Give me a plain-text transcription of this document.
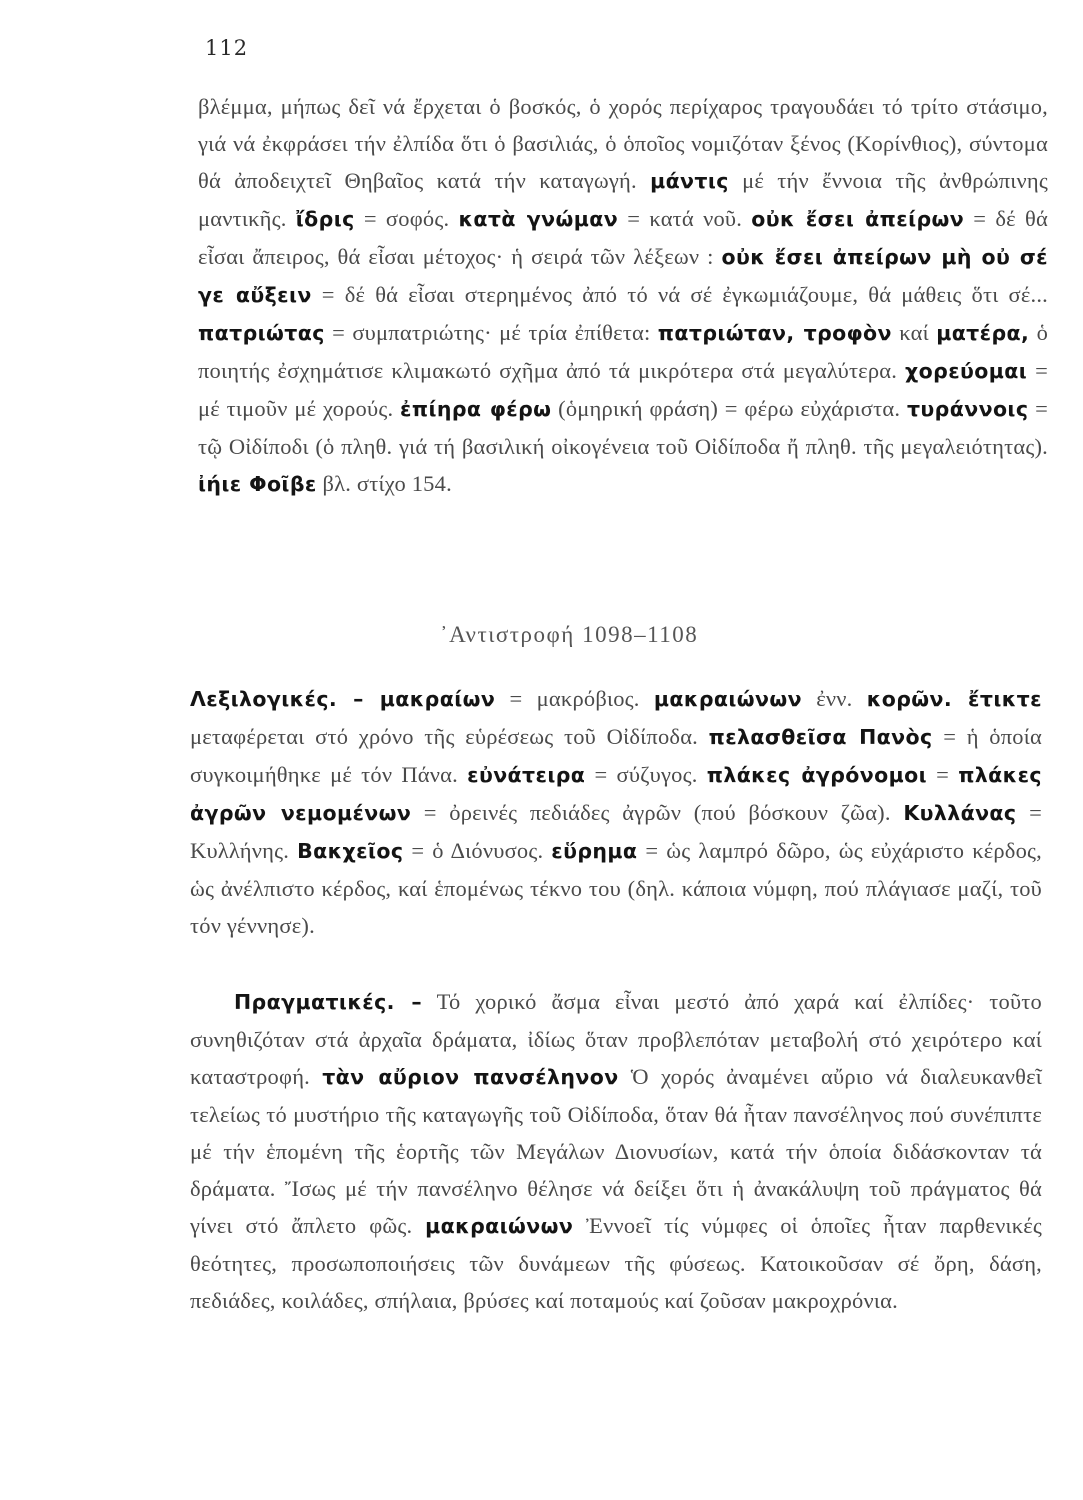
112

βλέμμα, μήπως δεῖ νά ἔρχεται ὁ βοσκός, ὁ χορός περίχαρος τραγουδάει τό τρίτο στάσιμο, γιά νά ἐκφράσει τήν ἐλπίδα ὅτι ὁ βασιλιάς, ὁ ὁποῖος νομιζόταν ξένος (Κορίνθιος), σύντομα θά ἀποδειχτεῖ Θηβαῖος κατά τήν καταγωγή. μάντις μέ τήν ἔννοια τῆς ἀνθρώπινης μαντικῆς. ἴδρις = σοφός. κατὰ γνώμαν = κατά νοῦ. οὐκ ἔσει ἀπείρων = δέ θά εἶσαι ἄπειρος, θά εἶσαι μέτοχος· ἡ σειρά τῶν λέξεων : οὐκ ἔσει ἀπείρων μὴ οὐ σέ γε αὔξειν = δέ θά εἶσαι στερημένος ἀπό τό νά σέ ἐγκωμιάζουμε, θά μάθεις ὅτι σέ... πατριώτας = συμπατριώτης· μέ τρία ἐπίθετα: πατριώταν, τροφὸν καί ματέρα, ὁ ποιητής ἐσχημάτισε κλιμακωτό σχῆμα ἀπό τά μικρότερα στά μεγαλύτερα. χορεύομαι = μέ τιμοῦν μέ χορούς. ἐπίηρα φέρω (ὁμηρική φράση) = φέρω εὐχάριστα. τυράννοις = τῷ Οἰδίποδι (ὁ πληθ. γιά τή βασιλική οἰκογένεια τοῦ Οἰδίποδα ἤ πληθ. τῆς μεγαλειότητας). ἰήιε Φοῖβε βλ. στίχο 154.

᾿Αντιστροφή 1098–1108

Λεξιλογικές. – μακραίων = μακρόβιος. μακραιώνων ἐνν. κορῶν. ἔτικτε μεταφέρεται στό χρόνο τῆς εὑρέσεως τοῦ Οἰδίποδα. πελασθεῖσα Πανὸς = ἡ ὁποία συγκοιμήθηκε μέ τόν Πάνα. εὐνάτειρα = σύζυγος. πλάκες ἀγρόνομοι = πλάκες ἀγρῶν νεμομένων = ὀρεινές πεδιάδες ἀγρῶν (πού βόσκουν ζῶα). Κυλλάνας = Κυλλήνης. Βακχεῖος = ὁ Διόνυσος. εὕρημα = ὡς λαμπρό δῶρο, ὡς εὐχάριστο κέρδος, ὡς ἀνέλπιστο κέρδος, καί ἑπομένως τέκνο του (δηλ. κάποια νύμφη, πού πλάγιασε μαζί, τοῦ τόν γέννησε).

Πραγματικές. – Τό χορικό ἄσμα εἶναι μεστό ἀπό χαρά καί ἐλπίδες· τοῦτο συνηθιζόταν στά ἀρχαῖα δράματα, ἰδίως ὅταν προβλεπόταν μεταβολή στό χειρότερο καί καταστροφή. τὰν αὔριον πανσέληνον Ὁ χορός ἀναμένει αὔριο νά διαλευκανθεῖ τελείως τό μυστήριο τῆς καταγωγῆς τοῦ Οἰδίποδα, ὅταν θά ἦταν πανσέληνος πού συνέπιπτε μέ τήν ἑπομένη τῆς ἑορτῆς τῶν Μεγάλων Διονυσίων, κατά τήν ὁποία διδάσκονταν τά δράματα. Ἴσως μέ τήν πανσέληνο θέλησε νά δείξει ὅτι ἡ ἀνακάλυψη τοῦ πράγματος θά γίνει στό ἄπλετο φῶς. μακραιώνων Ἐννοεῖ τίς νύμφες οἱ ὁποῖες ἦταν παρθενικές θεότητες, προσωποποιήσεις τῶν δυνάμεων τῆς φύσεως. Κατοικοῦσαν σέ ὄρη, δάση, πεδιάδες, κοιλάδες, σπήλαια, βρύσες καί ποταμούς καί ζοῦσαν μακροχρόνια.
